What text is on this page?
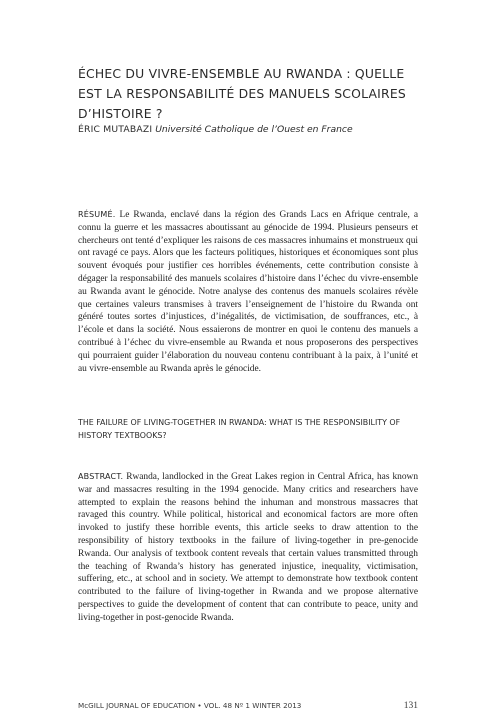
ÉCHEC DU VIVRE-ENSEMBLE AU RWANDA : QUELLE EST LA RESPONSABILITÉ DES MANUELS SCOLAIRES D’HISTOIRE ?
ÉRIC MUTABAZI Université Catholique de l’Ouest en France

RÉSUMÉ. Le Rwanda, enclavé dans la région des Grands Lacs en Afrique centrale, a connu la guerre et les massacres aboutissant au génocide de 1994. Plusieurs penseurs et chercheurs ont tenté d’expliquer les raisons de ces massacres inhumains et monstrueux qui ont ravagé ce pays. Alors que les facteurs politiques, historiques et économiques sont plus souvent évoqués pour justifier ces horribles événements, cette contribution consiste à dégager la responsabilité des manuels scolaires d’histoire dans l’échec du vivre-ensemble au Rwanda avant le génocide. Notre analyse des contenus des manuels scolaires révèle que certaines valeurs transmises à travers l’enseignement de l’histoire du Rwanda ont généré toutes sortes d’injustices, d’inégalités, de victimisation, de souffrances, etc., à l’école et dans la société. Nous essaierons de montrer en quoi le contenu des manuels a contribué à l’échec du vivre-ensemble au Rwanda et nous proposerons des perspectives qui pourraient guider l’élaboration du nouveau contenu contribuant à la paix, à l’unité et au vivre-ensemble au Rwanda après le génocide.

THE FAILURE OF LIVING-TOGETHER IN RWANDA: WHAT IS THE RESPONSIBILITY OF HISTORY TEXTBOOKS?

ABSTRACT. Rwanda, landlocked in the Great Lakes region in Central Africa, has known war and massacres resulting in the 1994 genocide. Many critics and researchers have attempted to explain the reasons behind the inhuman and monstrous massacres that ravaged this country. While political, historical and economical factors are more often invoked to justify these horrible events, this article seeks to draw attention to the responsibility of history textbooks in the failure of living-together in pre-genocide Rwanda. Our analysis of textbook content reveals that certain values transmitted through the teaching of Rwanda’s history has generated injustice, inequality, victimisation, suffering, etc., at school and in society. We attempt to demonstrate how textbook content contributed to the failure of living-together in Rwanda and we propose alternative perspectives to guide the development of content that can contribute to peace, unity and living-together in post-genocide Rwanda.

McGILL JOURNAL OF EDUCATION • VOL. 48 Nº 1 WINTER 2013	131
